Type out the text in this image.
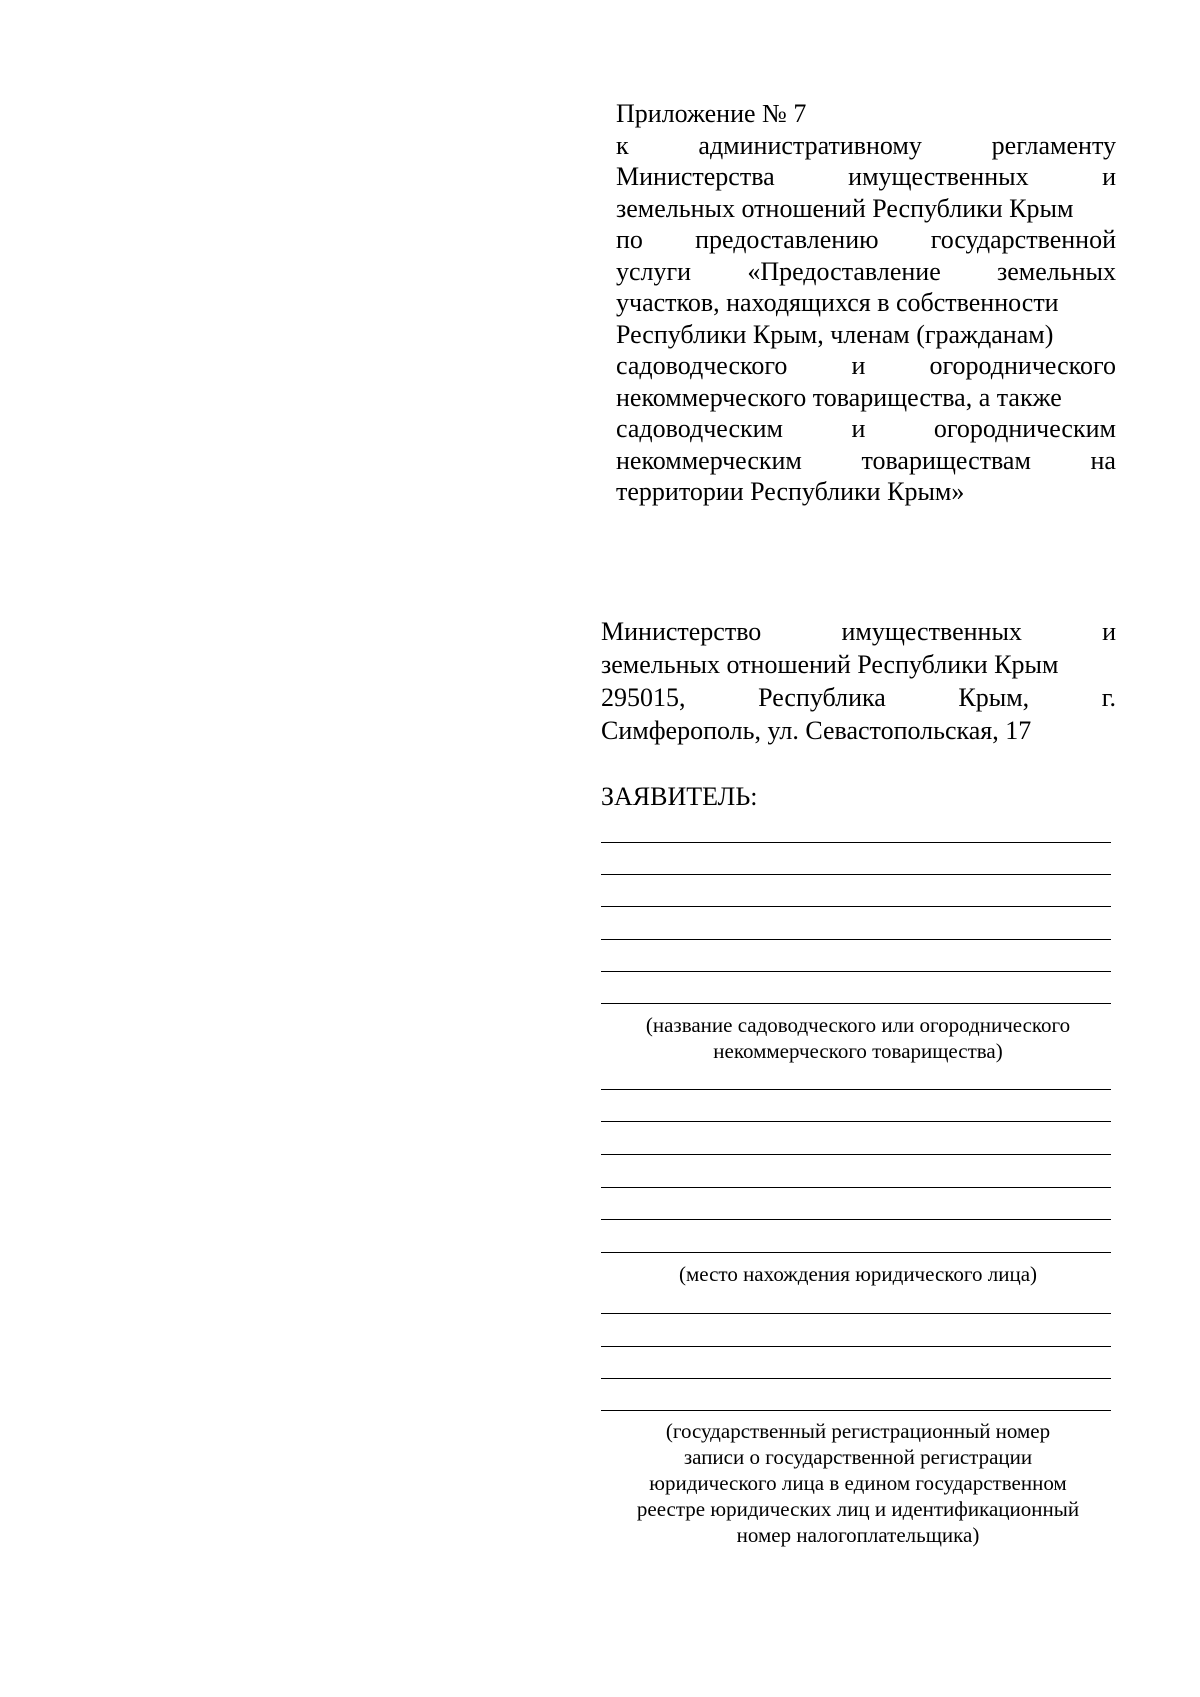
Приложение № 7
к	административному	регламенту
Министерства	имущественных	и
земельных отношений Республики Крым
по предоставлению государственной
услуги «Предоставление земельных
участков, находящихся в собственности
Республики Крым, членам (гражданам)
садоводческого и огороднического
некоммерческого товарищества, а также
садоводческим	и	огородническим
некоммерческим товариществам на
территории Республики Крым»
Министерство	имущественных	и
земельных отношений Республики Крым
295015,	Республика	Крым,	г.
Симферополь, ул. Севастопольская, 17
ЗАЯВИТЕЛЬ:
(название садоводческого или огороднического
некоммерческого товарищества)
(место нахождения юридического лица)
(государственный регистрационный номер
записи о государственной регистрации
юридического лица в едином государственном
реестре юридических лиц и идентификационный
номер налогоплательщика)
